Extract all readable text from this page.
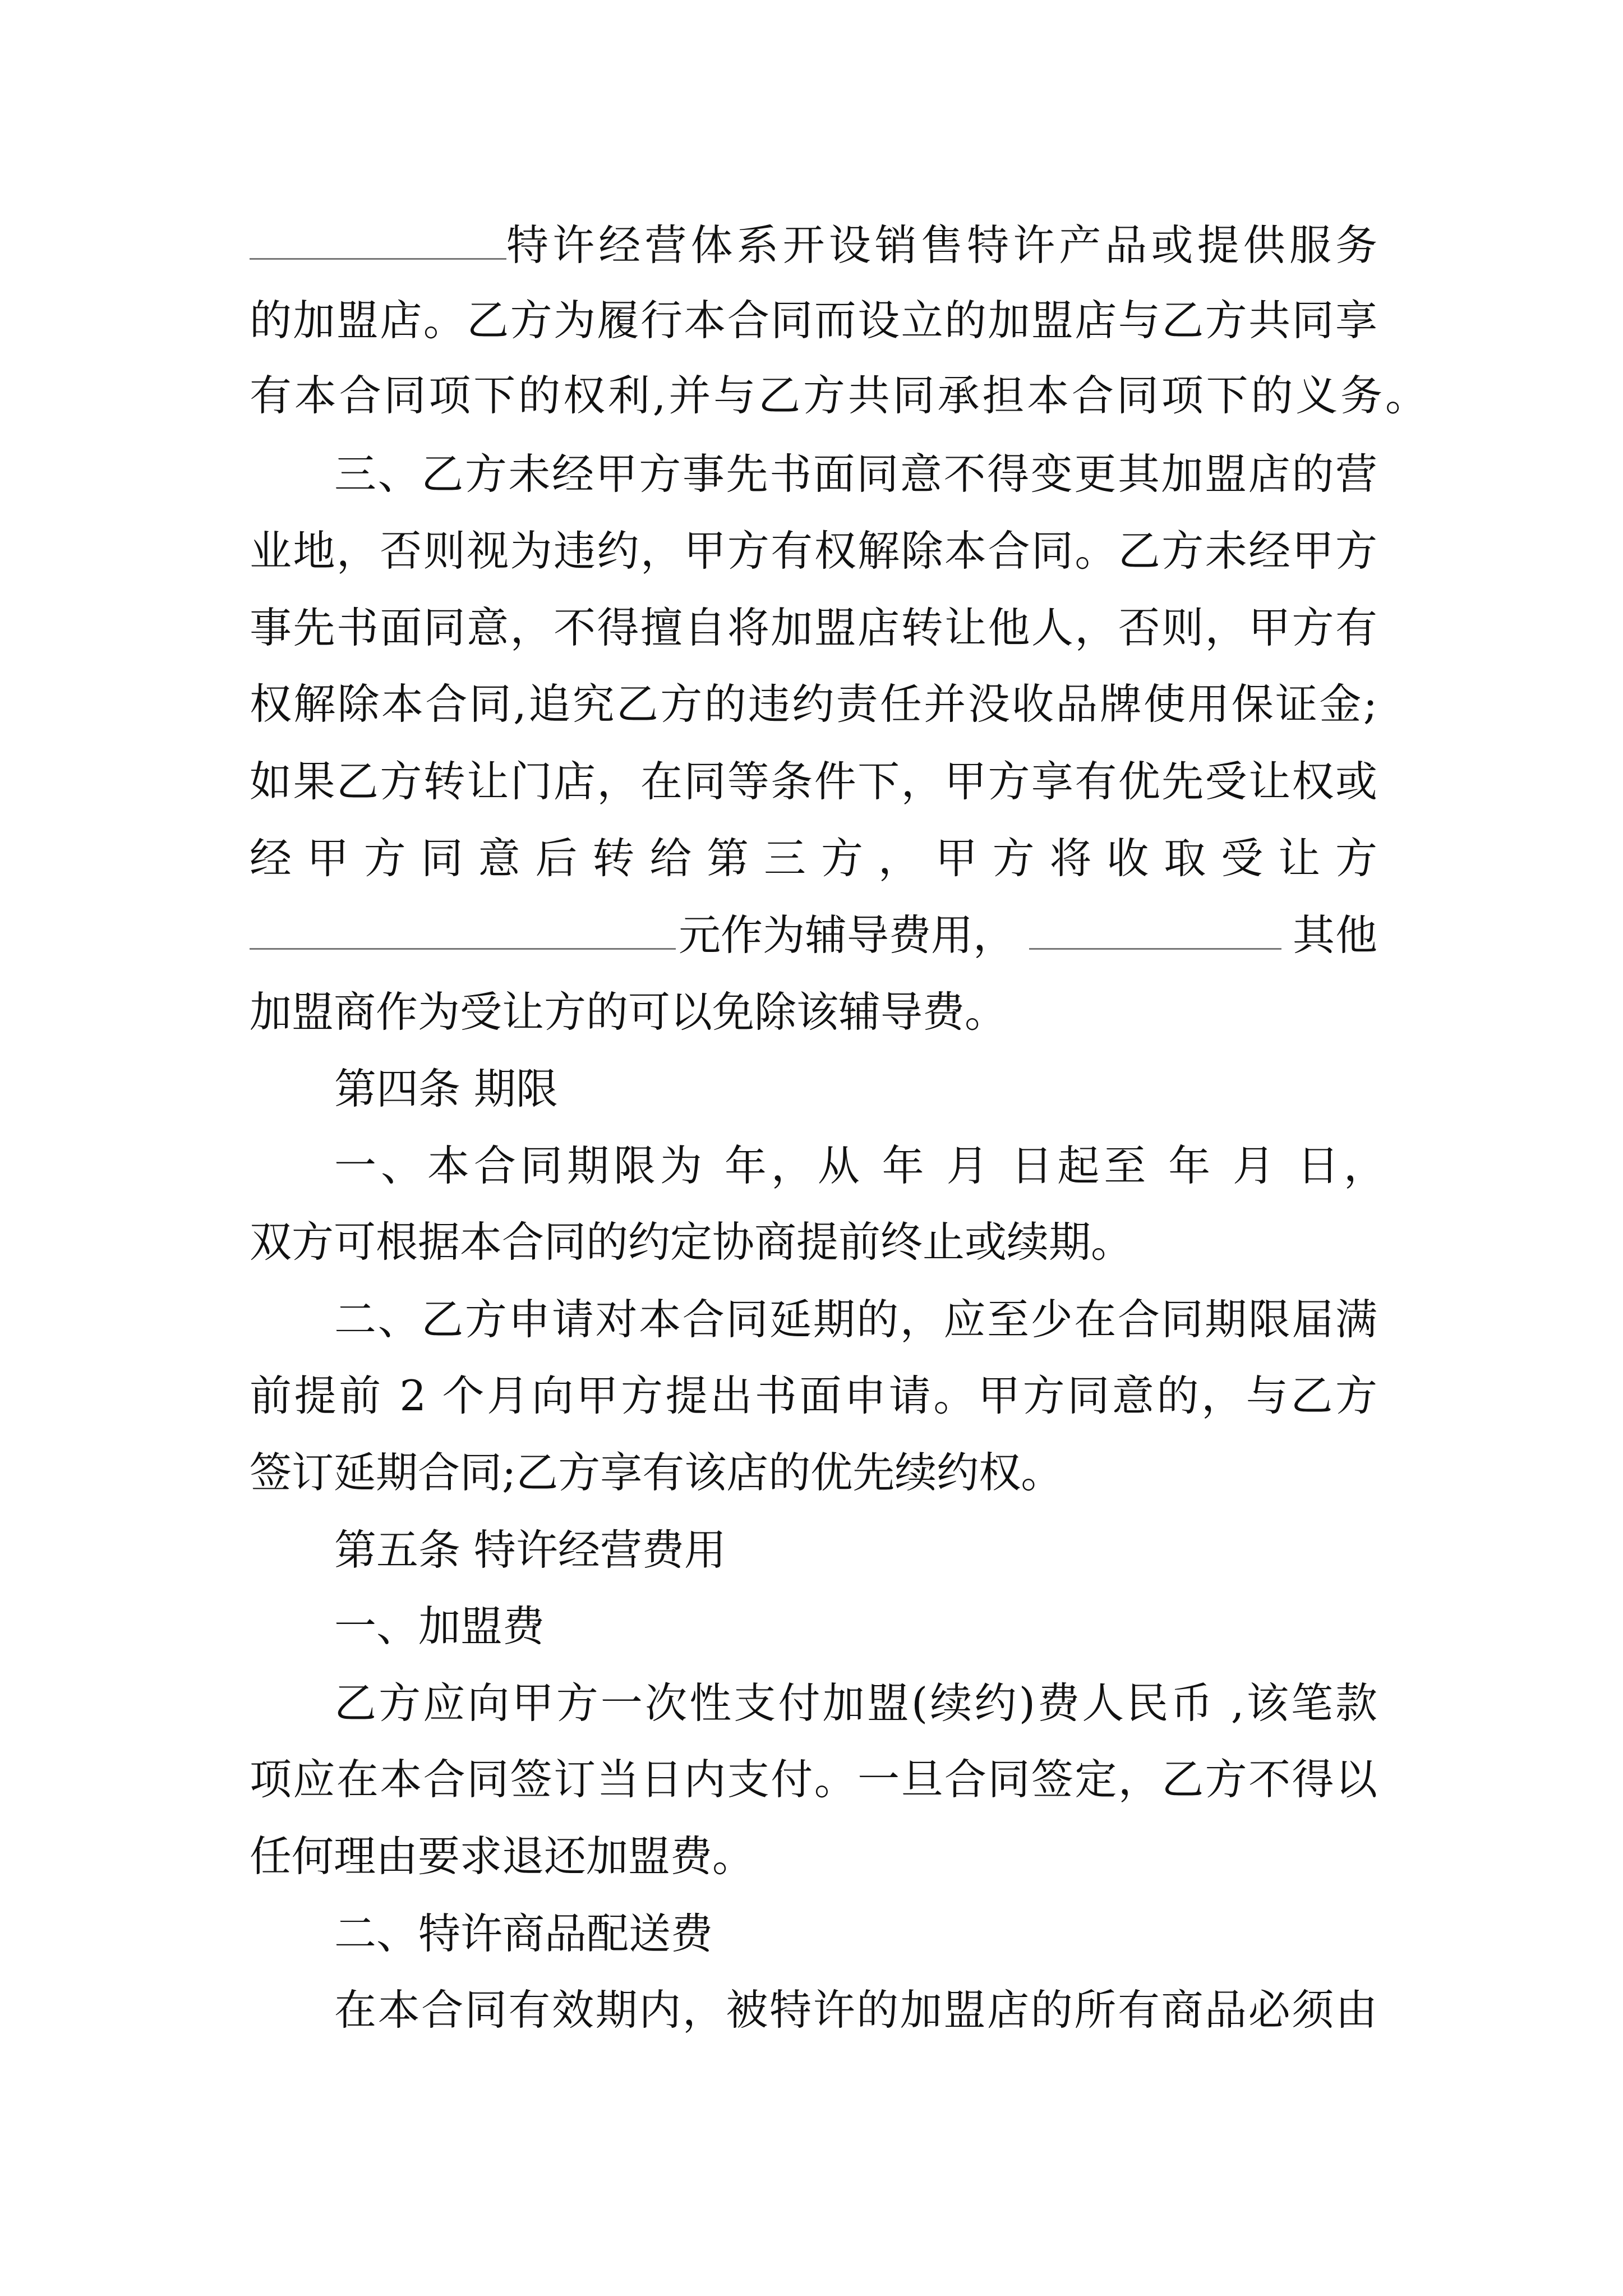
特许经营体系开设销售特许产品或提供服务
的加盟店。乙方为履行本合同而设立的加盟店与乙方共同享
有本合同项下的权利,并与乙方共同承担本合同项下的义务。
三、乙方未经甲方事先书面同意不得变更其加盟店的营
业地，否则视为违约，甲方有权解除本合同。乙方未经甲方
事先书面同意，不得擅自将加盟店转让他人，否则，甲方有
权解除本合同,追究乙方的违约责任并没收品牌使用保证金;
如果乙方转让门店，在同等条件下，甲方享有优先受让权或
经甲方同意后转给第三方，甲方将收取受让方
元作为辅导费用，	其他
加盟商作为受让方的可以免除该辅导费。
第四条 期限
一、本合同期限为 年，从 年 月 日起至 年 月 日，
双方可根据本合同的约定协商提前终止或续期。
二、乙方申请对本合同延期的，应至少在合同期限届满
前提前 2 个月向甲方提出书面申请。甲方同意的，与乙方
签订延期合同;乙方享有该店的优先续约权。
第五条 特许经营费用
一、加盟费
乙方应向甲方一次性支付加盟(续约)费人民币 ,该笔款
项应在本合同签订当日内支付。一旦合同签定，乙方不得以
任何理由要求退还加盟费。
二、特许商品配送费
在本合同有效期内，被特许的加盟店的所有商品必须由
